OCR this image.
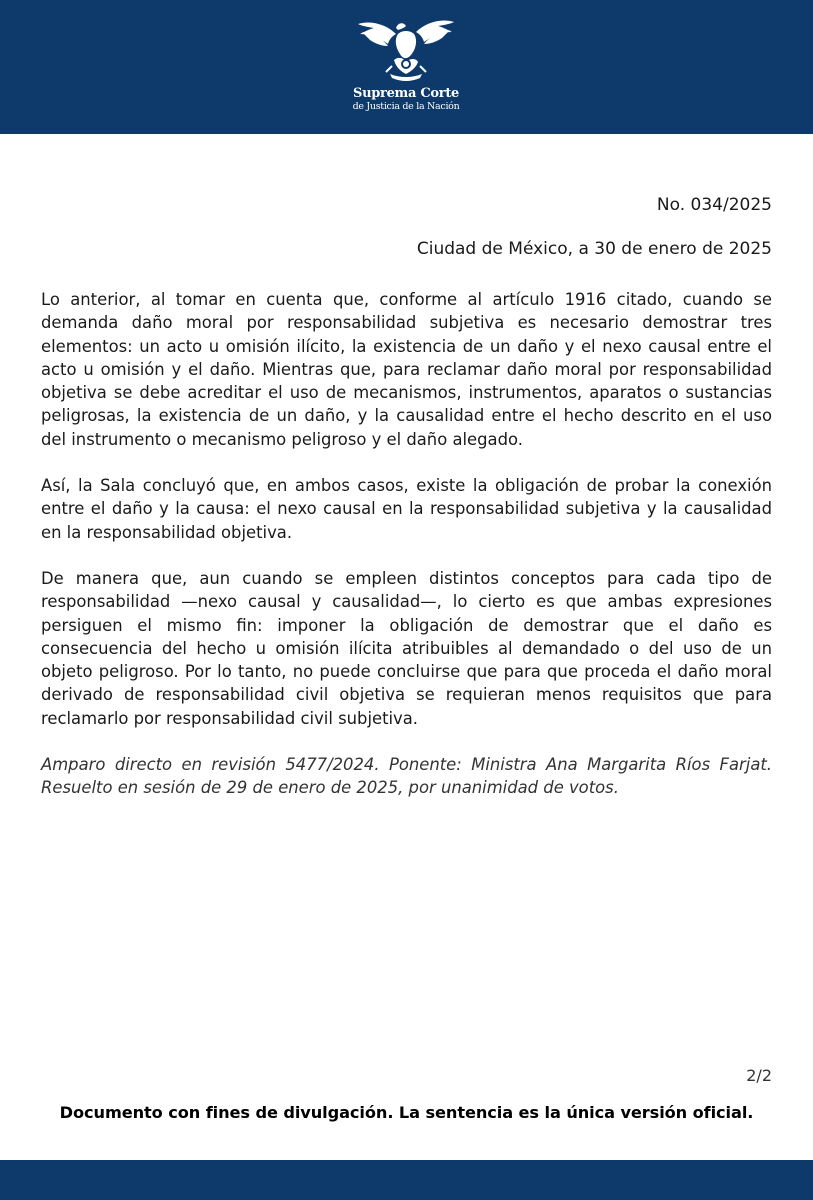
Suprema Corte
de Justicia de la Nación
No. 034/2025
Ciudad de México, a 30 de enero de 2025

Lo anterior, al tomar en cuenta que, conforme al artículo 1916 citado, cuando se demanda daño moral por responsabilidad subjetiva es necesario demostrar tres elementos: un acto u omisión ilícito, la existencia de un daño y el nexo causal entre el acto u omisión y el daño. Mientras que, para reclamar daño moral por responsabilidad objetiva se debe acreditar el uso de mecanismos, instrumentos, aparatos o sustancias peligrosas, la existencia de un daño, y la causalidad entre el hecho descrito en el uso del instrumento o mecanismo peligroso y el daño alegado.

Así, la Sala concluyó que, en ambos casos, existe la obligación de probar la conexión entre el daño y la causa: el nexo causal en la responsabilidad subjetiva y la causalidad en la responsabilidad objetiva.

De manera que, aun cuando se empleen distintos conceptos para cada tipo de responsabilidad —nexo causal y causalidad—, lo cierto es que ambas expresiones persiguen el mismo fin: imponer la obligación de demostrar que el daño es consecuencia del hecho u omisión ilícita atribuibles al demandado o del uso de un objeto peligroso. Por lo tanto, no puede concluirse que para que proceda el daño moral derivado de responsabilidad civil objetiva se requieran menos requisitos que para reclamarlo por responsabilidad civil subjetiva.

Amparo directo en revisión 5477/2024. Ponente: Ministra Ana Margarita Ríos Farjat. Resuelto en sesión de 29 de enero de 2025, por unanimidad de votos.

2/2
Documento con fines de divulgación. La sentencia es la única versión oficial.
